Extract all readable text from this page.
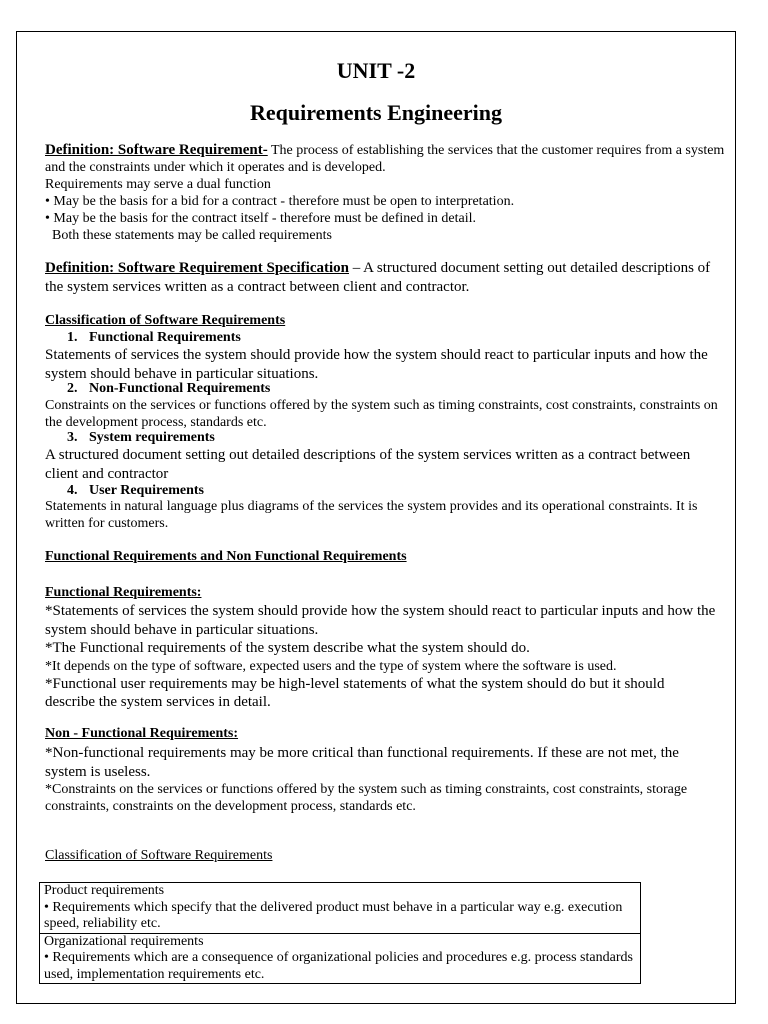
UNIT -2
Requirements Engineering
Definition: Software Requirement- The process of establishing the services that the customer requires from a system
and the constraints under which it operates and is developed.
Requirements may serve a dual function
• May be the basis for a bid for a contract - therefore must be open to interpretation.
• May be the basis for the contract itself - therefore must be defined in detail.
Both these statements may be called requirements
Definition: Software Requirement Specification – A structured document setting out detailed descriptions of
the system services written as a contract between client and contractor.
Classification of Software Requirements
1. Functional Requirements
Statements of services the system should provide how the system should react to particular inputs and how the
system should behave in particular situations.
2. Non-Functional Requirements
Constraints on the services or functions offered by the system such as timing constraints, cost constraints, constraints on
the development process, standards etc.
3. System requirements
A structured document setting out detailed descriptions of the system services written as a contract between
client and contractor
4. User Requirements
Statements in natural language plus diagrams of the services the system provides and its operational constraints. It is
written for customers.
Functional Requirements and Non Functional Requirements
Functional Requirements:
*Statements of services the system should provide how the system should react to particular inputs and how the
system should behave in particular situations.
*The Functional requirements of the system describe what the system should do.
*It depends on the type of software, expected users and the type of system where the software is used.
*Functional user requirements may be high-level statements of what the system should do but it should
describe the system services in detail.
Non - Functional Requirements:
*Non-functional requirements may be more critical than functional requirements. If these are not met, the
system is useless.
*Constraints on the services or functions offered by the system such as timing constraints, cost constraints, storage
constraints, constraints on the development process, standards etc.
Classification of Software Requirements
Product requirements
• Requirements which specify that the delivered product must behave in a particular way e.g. execution
speed, reliability etc.
Organizational requirements
• Requirements which are a consequence of organizational policies and procedures e.g. process standards
used, implementation requirements etc.
